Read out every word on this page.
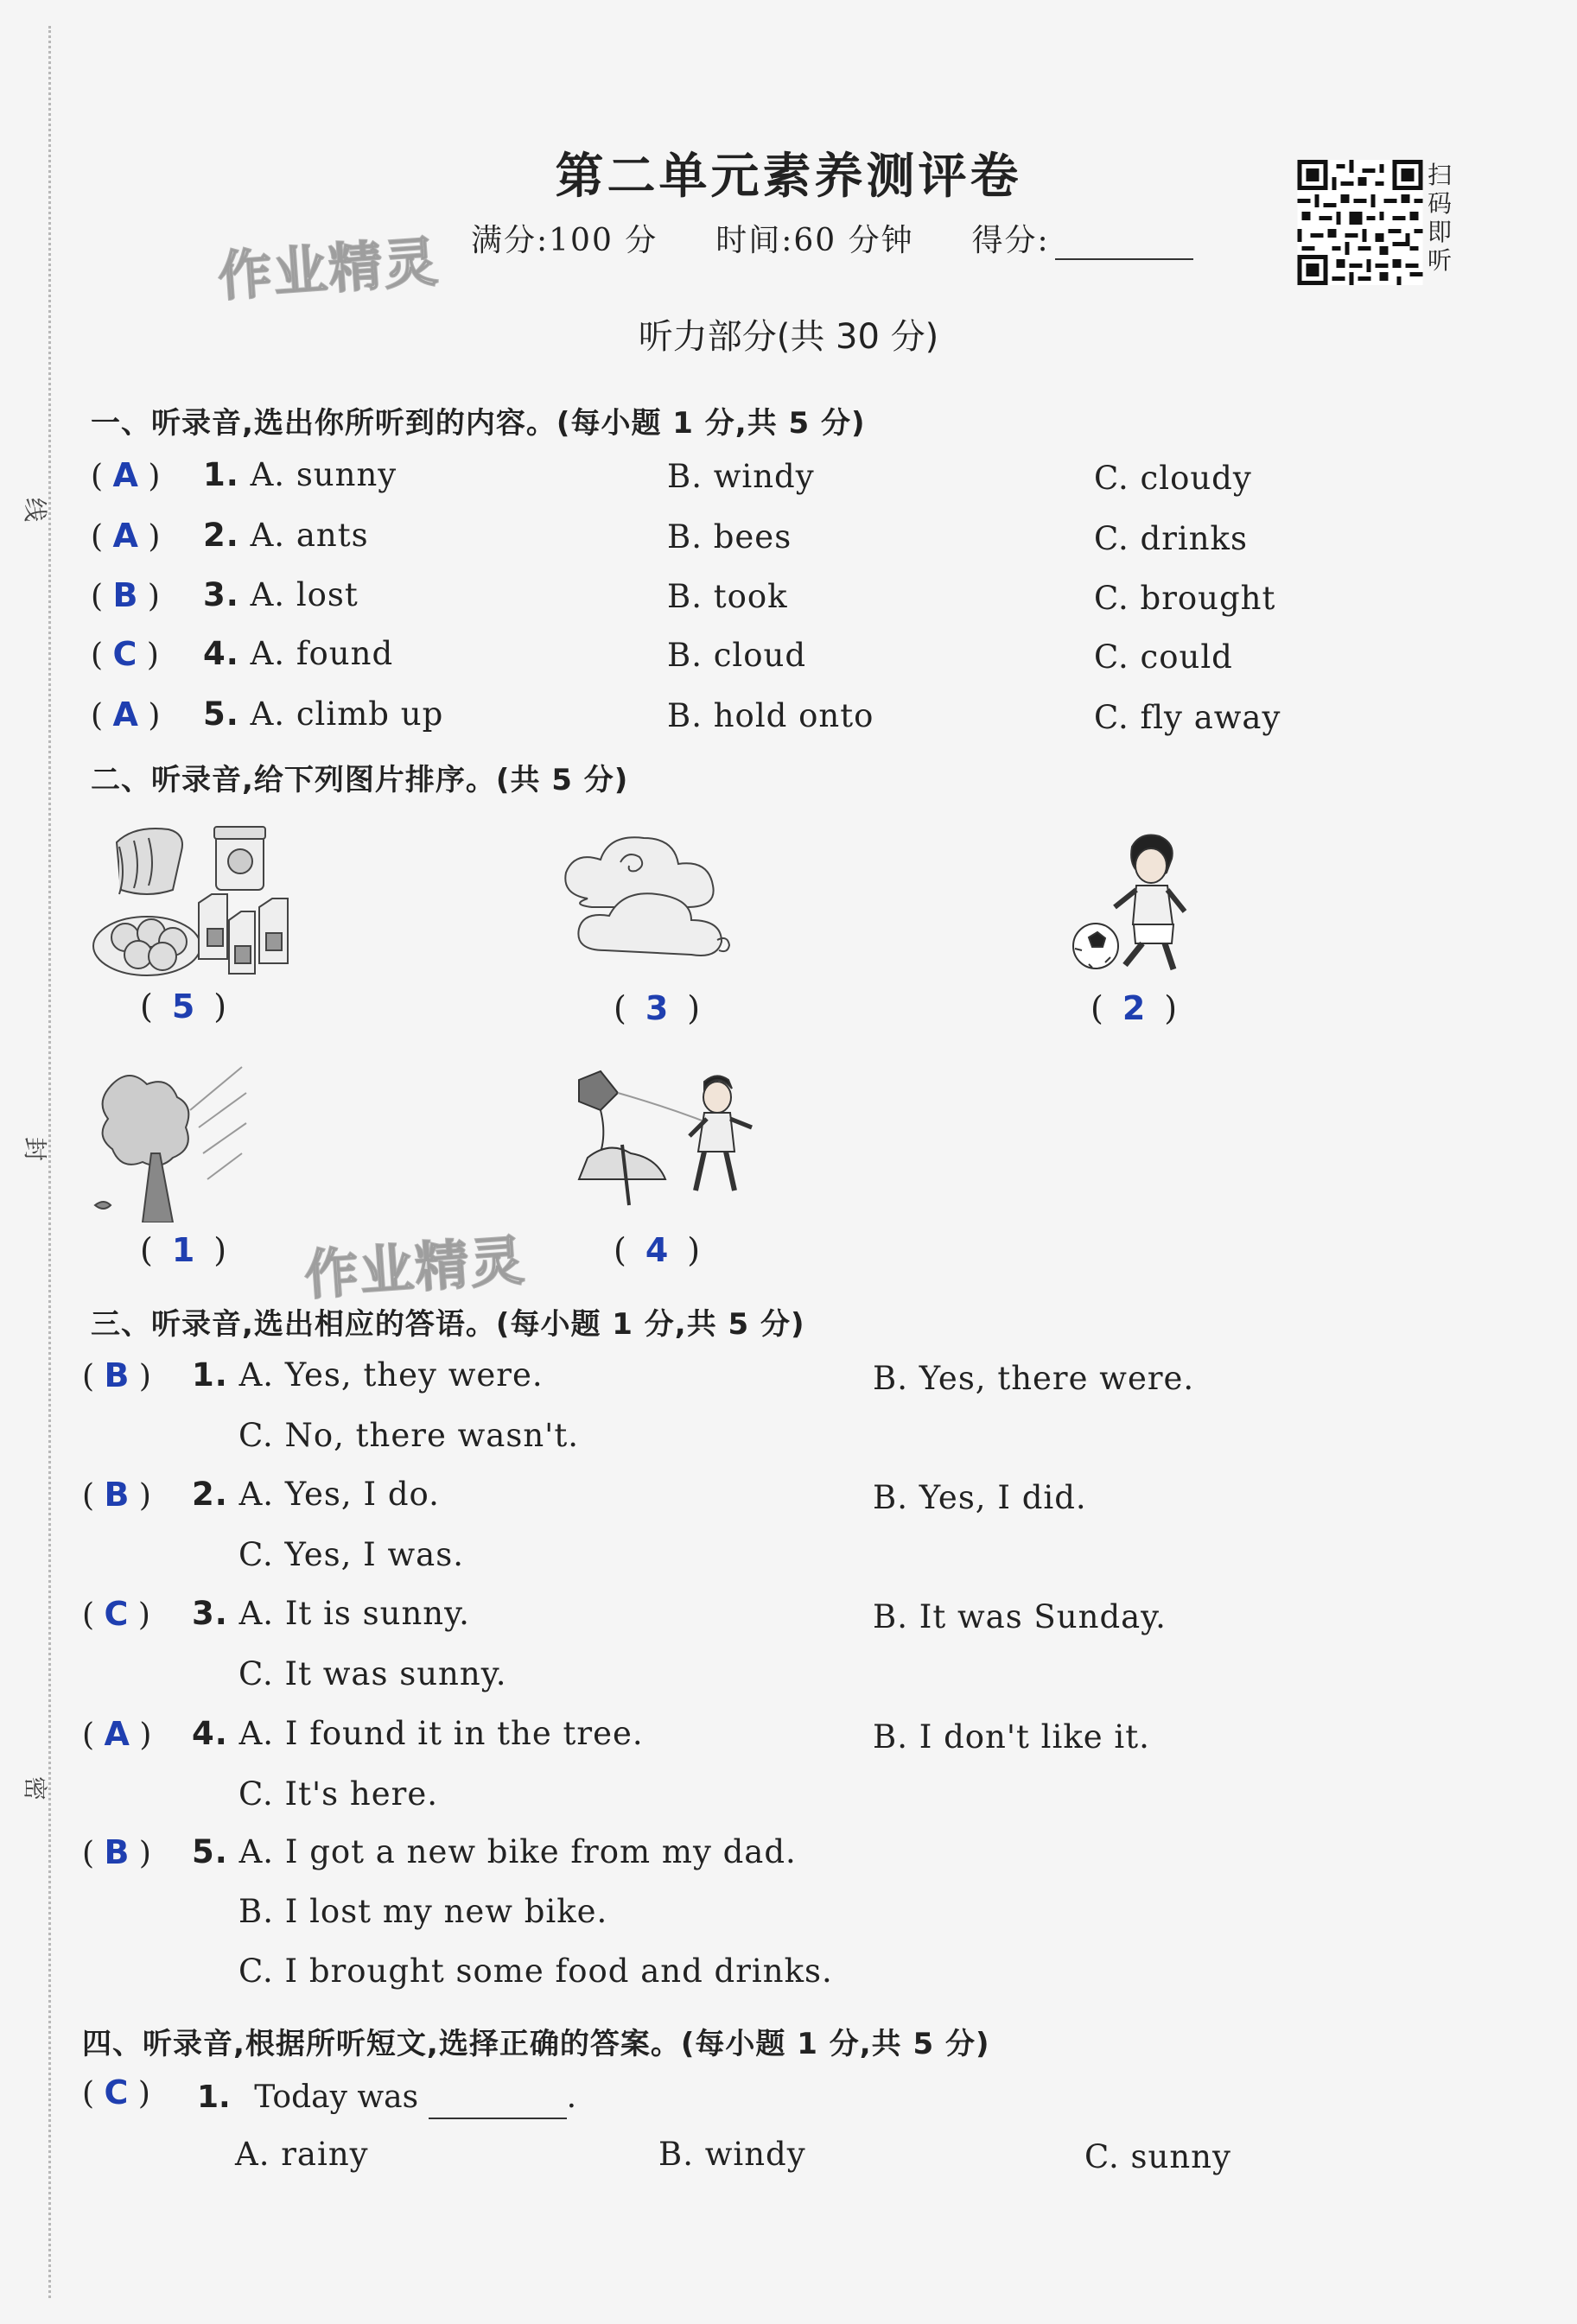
线
封
密
第二单元素养测评卷
满分:100 分 时间:60 分钟 得分:
扫
码
即
听
作业精灵
作业精灵
听力部分(共 30 分)
一、听录音,选出你所听到的内容。(每小题 1 分,共 5 分)
( A ) 1. A. sunny	B. windy	C. cloudy
( A ) 2. A. ants	B. bees	C. drinks
( B ) 3. A. lost	B. took	C. brought
( C ) 4. A. found	B. cloud	C. could
( A ) 5. A. climb up	B. hold onto	C. fly away
二、听录音,给下列图片排序。(共 5 分)
( 5 )	( 3 )	( 2 )
( 1 )	( 4 )
三、听录音,选出相应的答语。(每小题 1 分,共 5 分)
( B ) 1. A. Yes, they were.	B. Yes, there were.
C. No, there wasn't.
( B ) 2. A. Yes, I do.	B. Yes, I did.
C. Yes, I was.
( C ) 3. A. It is sunny.	B. It was Sunday.
C. It was sunny.
( A ) 4. A. I found it in the tree.	B. I don't like it.
C. It's here.
( B ) 5. A. I got a new bike from my dad.
B. I lost my new bike.
C. I brought some food and drinks.
四、听录音,根据所听短文,选择正确的答案。(每小题 1 分,共 5 分)
( C ) 1. Today was	.
A. rainy	B. windy	C. sunny
